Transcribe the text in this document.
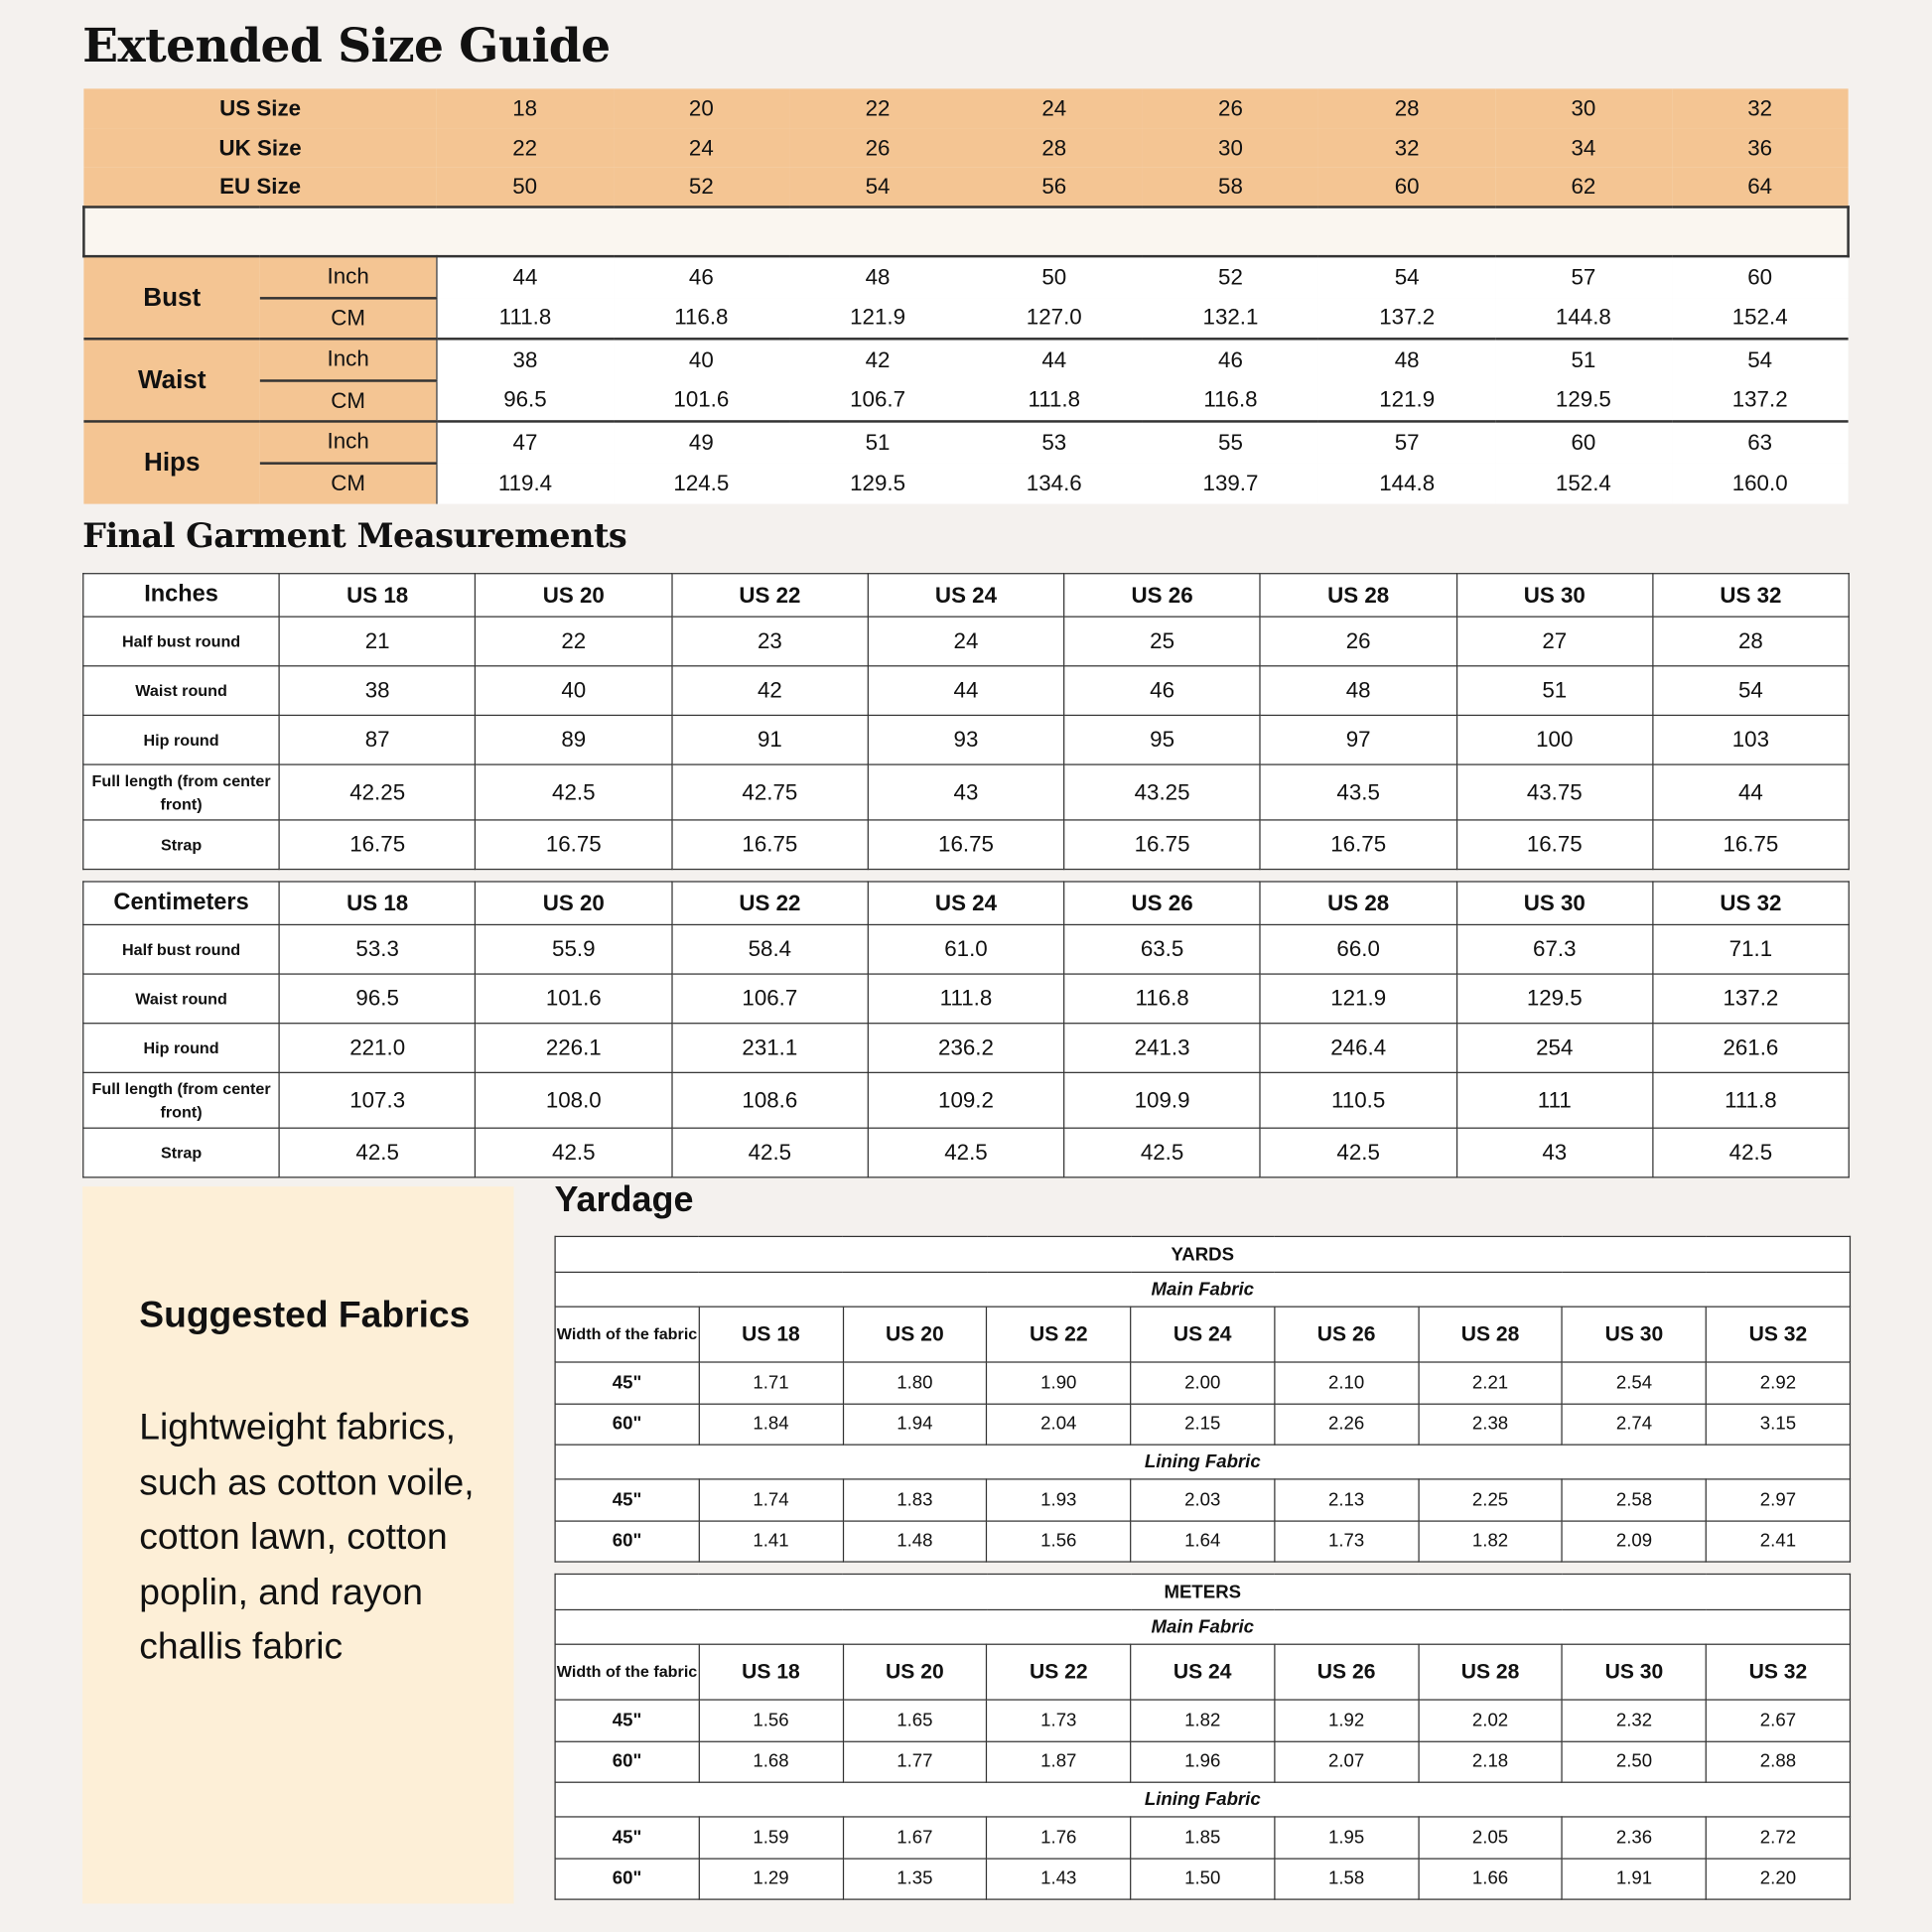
Extended Size Guide
US Size		18	20	22	24	26	28	30	32
UK Size		22	24	26	28	30	32	34	36
EU Size		50	52	54	56	58	60	62	64

Bust	Inch	44	46	48	50	52	54	57	60
	CM	111.8	116.8	121.9	127.0	132.1	137.2	144.8	152.4
Waist	Inch	38	40	42	44	46	48	51	54
	CM	96.5	101.6	106.7	111.8	116.8	121.9	129.5	137.2
Hips	Inch	47	49	51	53	55	57	60	63
	CM	119.4	124.5	129.5	134.6	139.7	144.8	152.4	160.0
Final Garment Measurements
Inches	US 18	US 20	US 22	US 24	US 26	US 28	US 30	US 32
Half bust round	21	22	23	24	25	26	27	28
Waist round	38	40	42	44	46	48	51	54
Hip round	87	89	91	93	95	97	100	103
Full length (from center front)	42.25	42.5	42.75	43	43.25	43.5	43.75	44
Strap	16.75	16.75	16.75	16.75	16.75	16.75	16.75	16.75
Centimeters	US 18	US 20	US 22	US 24	US 26	US 28	US 30	US 32
Half bust round	53.3	55.9	58.4	61.0	63.5	66.0	67.3	71.1
Waist round	96.5	101.6	106.7	111.8	116.8	121.9	129.5	137.2
Hip round	221.0	226.1	231.1	236.2	241.3	246.4	254	261.6
Full length (from center front)	107.3	108.0	108.6	109.2	109.9	110.5	111	111.8
Strap	42.5	42.5	42.5	42.5	42.5	42.5	43	42.5
Suggested Fabrics
Lightweight fabrics, such as cotton voile, cotton lawn, cotton poplin, and rayon challis fabric
Yardage
YARDS								
Main Fabric								
Width of the fabric	US 18	US 20	US 22	US 24	US 26	US 28	US 30	US 32
45"	1.71	1.80	1.90	2.00	2.10	2.21	2.54	2.92
60"	1.84	1.94	2.04	2.15	2.26	2.38	2.74	3.15
Lining Fabric								
45"	1.74	1.83	1.93	2.03	2.13	2.25	2.58	2.97
60"	1.41	1.48	1.56	1.64	1.73	1.82	2.09	2.41
METERS								
Main Fabric								
Width of the fabric	US 18	US 20	US 22	US 24	US 26	US 28	US 30	US 32
45"	1.56	1.65	1.73	1.82	1.92	2.02	2.32	2.67
60"	1.68	1.77	1.87	1.96	2.07	2.18	2.50	2.88
Lining Fabric								
45"	1.59	1.67	1.76	1.85	1.95	2.05	2.36	2.72
60"	1.29	1.35	1.43	1.50	1.58	1.66	1.91	2.20
